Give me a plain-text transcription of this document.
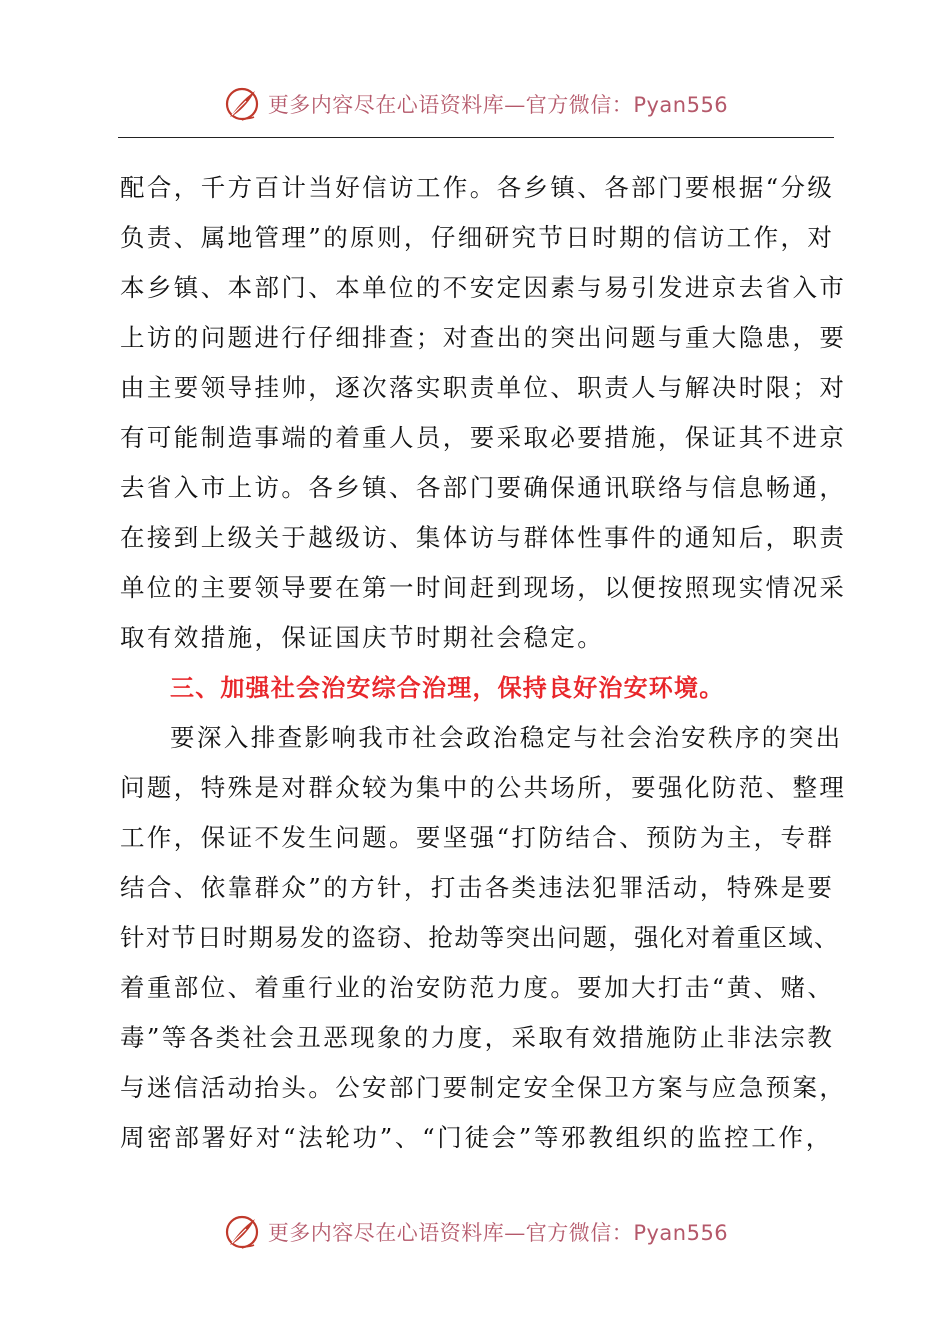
更多内容尽在心语资料库—官方微信：Pyan556
配合，千方百计当好信访工作。各乡镇、各部门要根据“分级
负责、属地管理”的原则，仔细研究节日时期的信访工作，对
本乡镇、本部门、本单位的不安定因素与易引发进京去省入市
上访的问题进行仔细排查；对查出的突出问题与重大隐患，要
由主要领导挂帅，逐次落实职责单位、职责人与解决时限；对
有可能制造事端的着重人员，要采取必要措施，保证其不进京
去省入市上访。各乡镇、各部门要确保通讯联络与信息畅通，
在接到上级关于越级访、集体访与群体性事件的通知后，职责
单位的主要领导要在第一时间赶到现场，以便按照现实情况采
取有效措施，保证国庆节时期社会稳定。
三、加强社会治安综合治理，保持良好治安环境。
要深入排查影响我市社会政治稳定与社会治安秩序的突出
问题，特殊是对群众较为集中的公共场所，要强化防范、整理
工作，保证不发生问题。要坚强“打防结合、预防为主，专群
结合、依靠群众”的方针，打击各类违法犯罪活动，特殊是要
针对节日时期易发的盗窃、抢劫等突出问题，强化对着重区域、
着重部位、着重行业的治安防范力度。要加大打击“黄、赌、
毒”等各类社会丑恶现象的力度，采取有效措施防止非法宗教
与迷信活动抬头。公安部门要制定安全保卫方案与应急预案，
周密部署好对“法轮功”、“门徒会”等邪教组织的监控工作，
更多内容尽在心语资料库—官方微信：Pyan556
